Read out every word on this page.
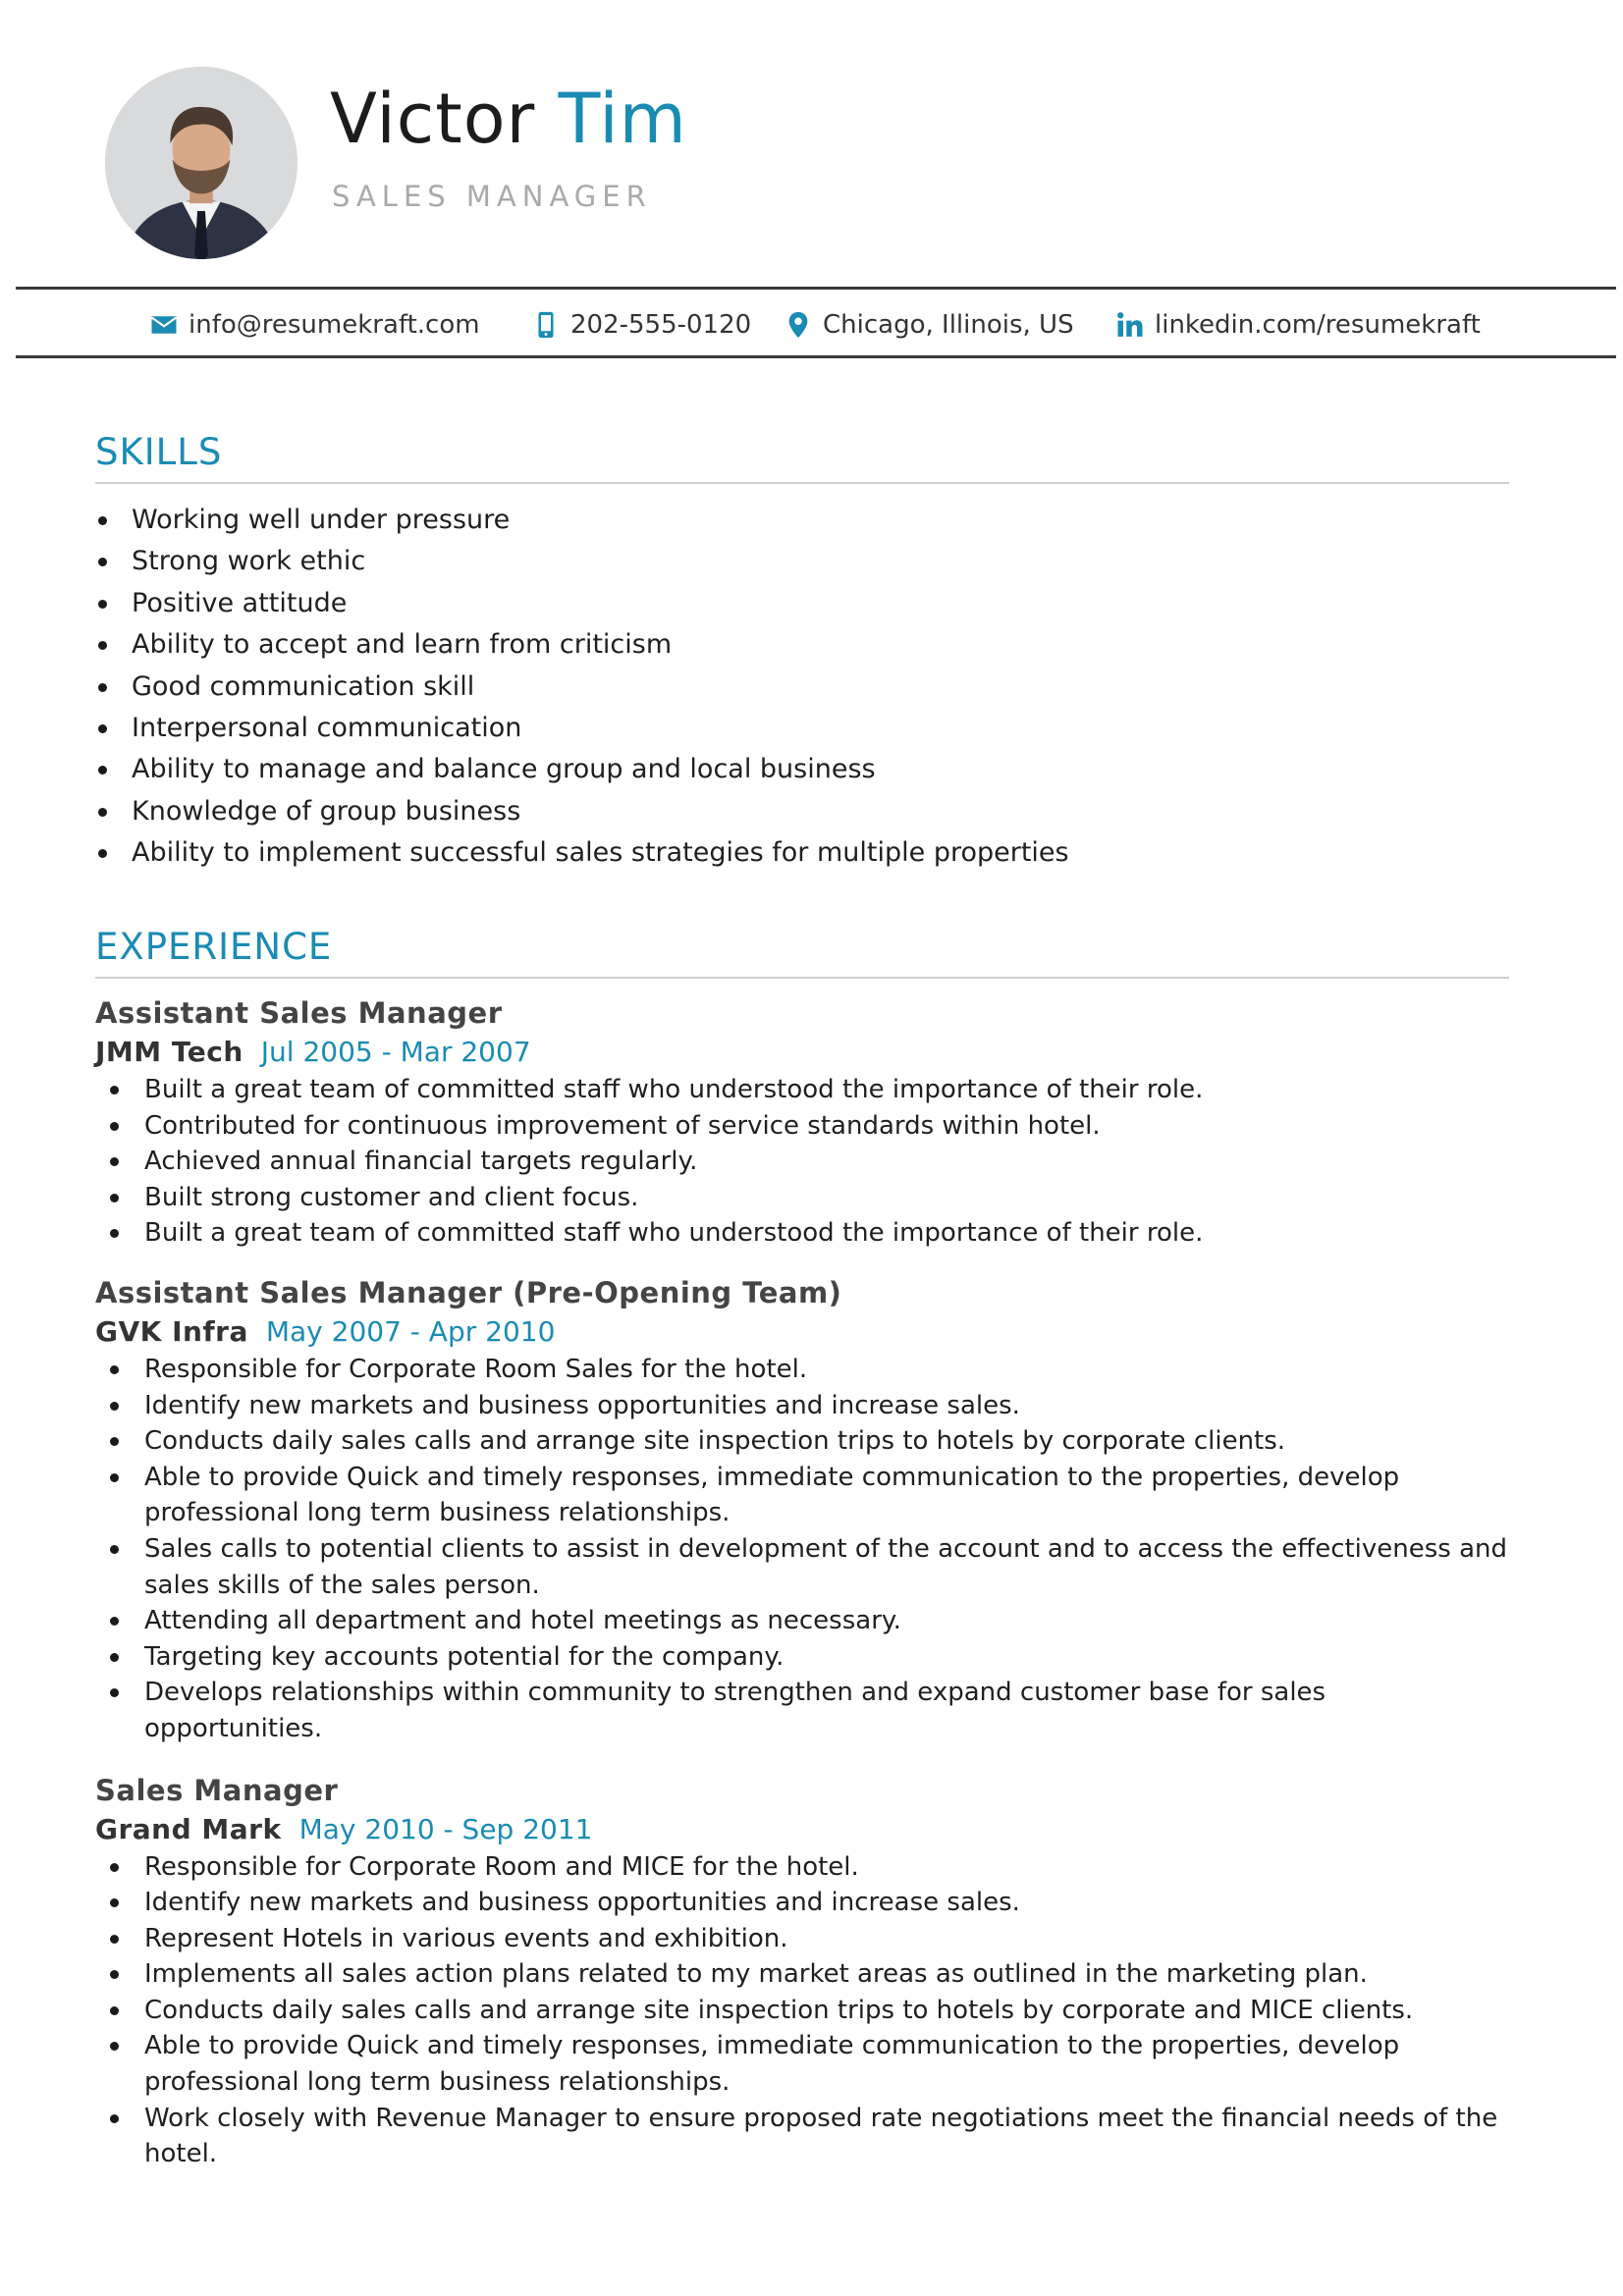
Victor Tim
SALES MANAGER
info@resumekraft.com	202-555-0120	Chicago, Illinois, US	linkedin.com/resumekraft
SKILLS
Working well under pressure
Strong work ethic
Positive attitude
Ability to accept and learn from criticism
Good communication skill
Interpersonal communication
Ability to manage and balance group and local business
Knowledge of group business
Ability to implement successful sales strategies for multiple properties
EXPERIENCE
Assistant Sales Manager
JMM Tech Jul 2005 - Mar 2007
Built a great team of committed staff who understood the importance of their role.
Contributed for continuous improvement of service standards within hotel.
Achieved annual financial targets regularly.
Built strong customer and client focus.
Built a great team of committed staff who understood the importance of their role.
Assistant Sales Manager (Pre-Opening Team)
GVK Infra May 2007 - Apr 2010
Responsible for Corporate Room Sales for the hotel.
Identify new markets and business opportunities and increase sales.
Conducts daily sales calls and arrange site inspection trips to hotels by corporate clients.
Able to provide Quick and timely responses, immediate communication to the properties, develop professional long term business relationships.
Sales calls to potential clients to assist in development of the account and to access the effectiveness and sales skills of the sales person.
Attending all department and hotel meetings as necessary.
Targeting key accounts potential for the company.
Develops relationships within community to strengthen and expand customer base for sales opportunities.
Sales Manager
Grand Mark May 2010 - Sep 2011
Responsible for Corporate Room and MICE for the hotel.
Identify new markets and business opportunities and increase sales.
Represent Hotels in various events and exhibition.
Implements all sales action plans related to my market areas as outlined in the marketing plan.
Conducts daily sales calls and arrange site inspection trips to hotels by corporate and MICE clients.
Able to provide Quick and timely responses, immediate communication to the properties, develop professional long term business relationships.
Work closely with Revenue Manager to ensure proposed rate negotiations meet the financial needs of the hotel.
